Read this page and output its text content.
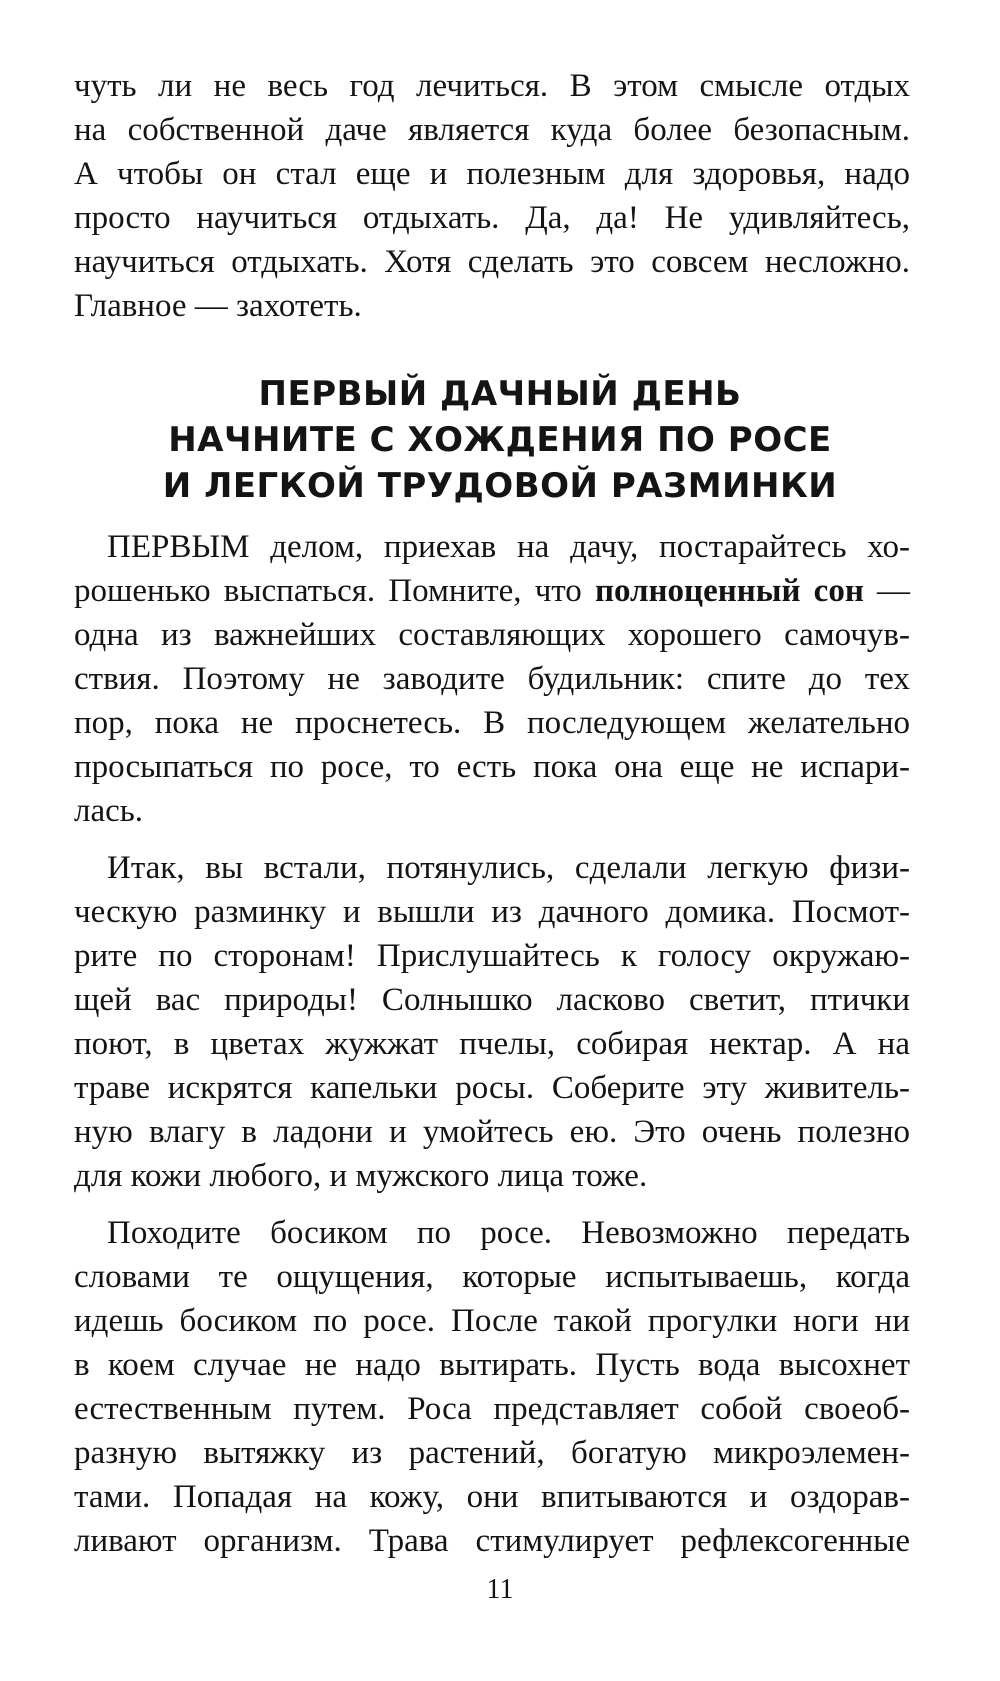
чуть ли не весь год лечиться. В этом смысле отдых
на собственной даче является куда более безопасным.
А чтобы он стал еще и полезным для здоровья, надо
просто научиться отдыхать. Да, да! Не удивляйтесь,
научиться отдыхать. Хотя сделать это совсем несложно.
Главное — захотеть.
ПЕРВЫЙ ДАЧНЫЙ ДЕНЬ
НАЧНИТЕ С ХОЖДЕНИЯ ПО РОСЕ
И ЛЕГКОЙ ТРУДОВОЙ РАЗМИНКИ
ПЕРВЫМ делом, приехав на дачу, постарайтесь хо-
рошенько выспаться. Помните, что полноценный сон —
одна из важнейших составляющих хорошего самочув-
ствия. Поэтому не заводите будильник: спите до тех
пор, пока не проснетесь. В последующем желательно
просыпаться по росе, то есть пока она еще не испари-
лась.
Итак, вы встали, потянулись, сделали легкую физи-
ческую разминку и вышли из дачного домика. Посмот-
рите по сторонам! Прислушайтесь к голосу окружаю-
щей вас природы! Солнышко ласково светит, птички
поют, в цветах жужжат пчелы, собирая нектар. А на
траве искрятся капельки росы. Соберите эту живитель-
ную влагу в ладони и умойтесь ею. Это очень полезно
для кожи любого, и мужского лица тоже.
Походите босиком по росе. Невозможно передать
словами те ощущения, которые испытываешь, когда
идешь босиком по росе. После такой прогулки ноги ни
в коем случае не надо вытирать. Пусть вода высохнет
естественным путем. Роса представляет собой своеоб-
разную вытяжку из растений, богатую микроэлемен-
тами. Попадая на кожу, они впитываются и оздорав-
ливают организм. Трава стимулирует рефлексогенные
11
